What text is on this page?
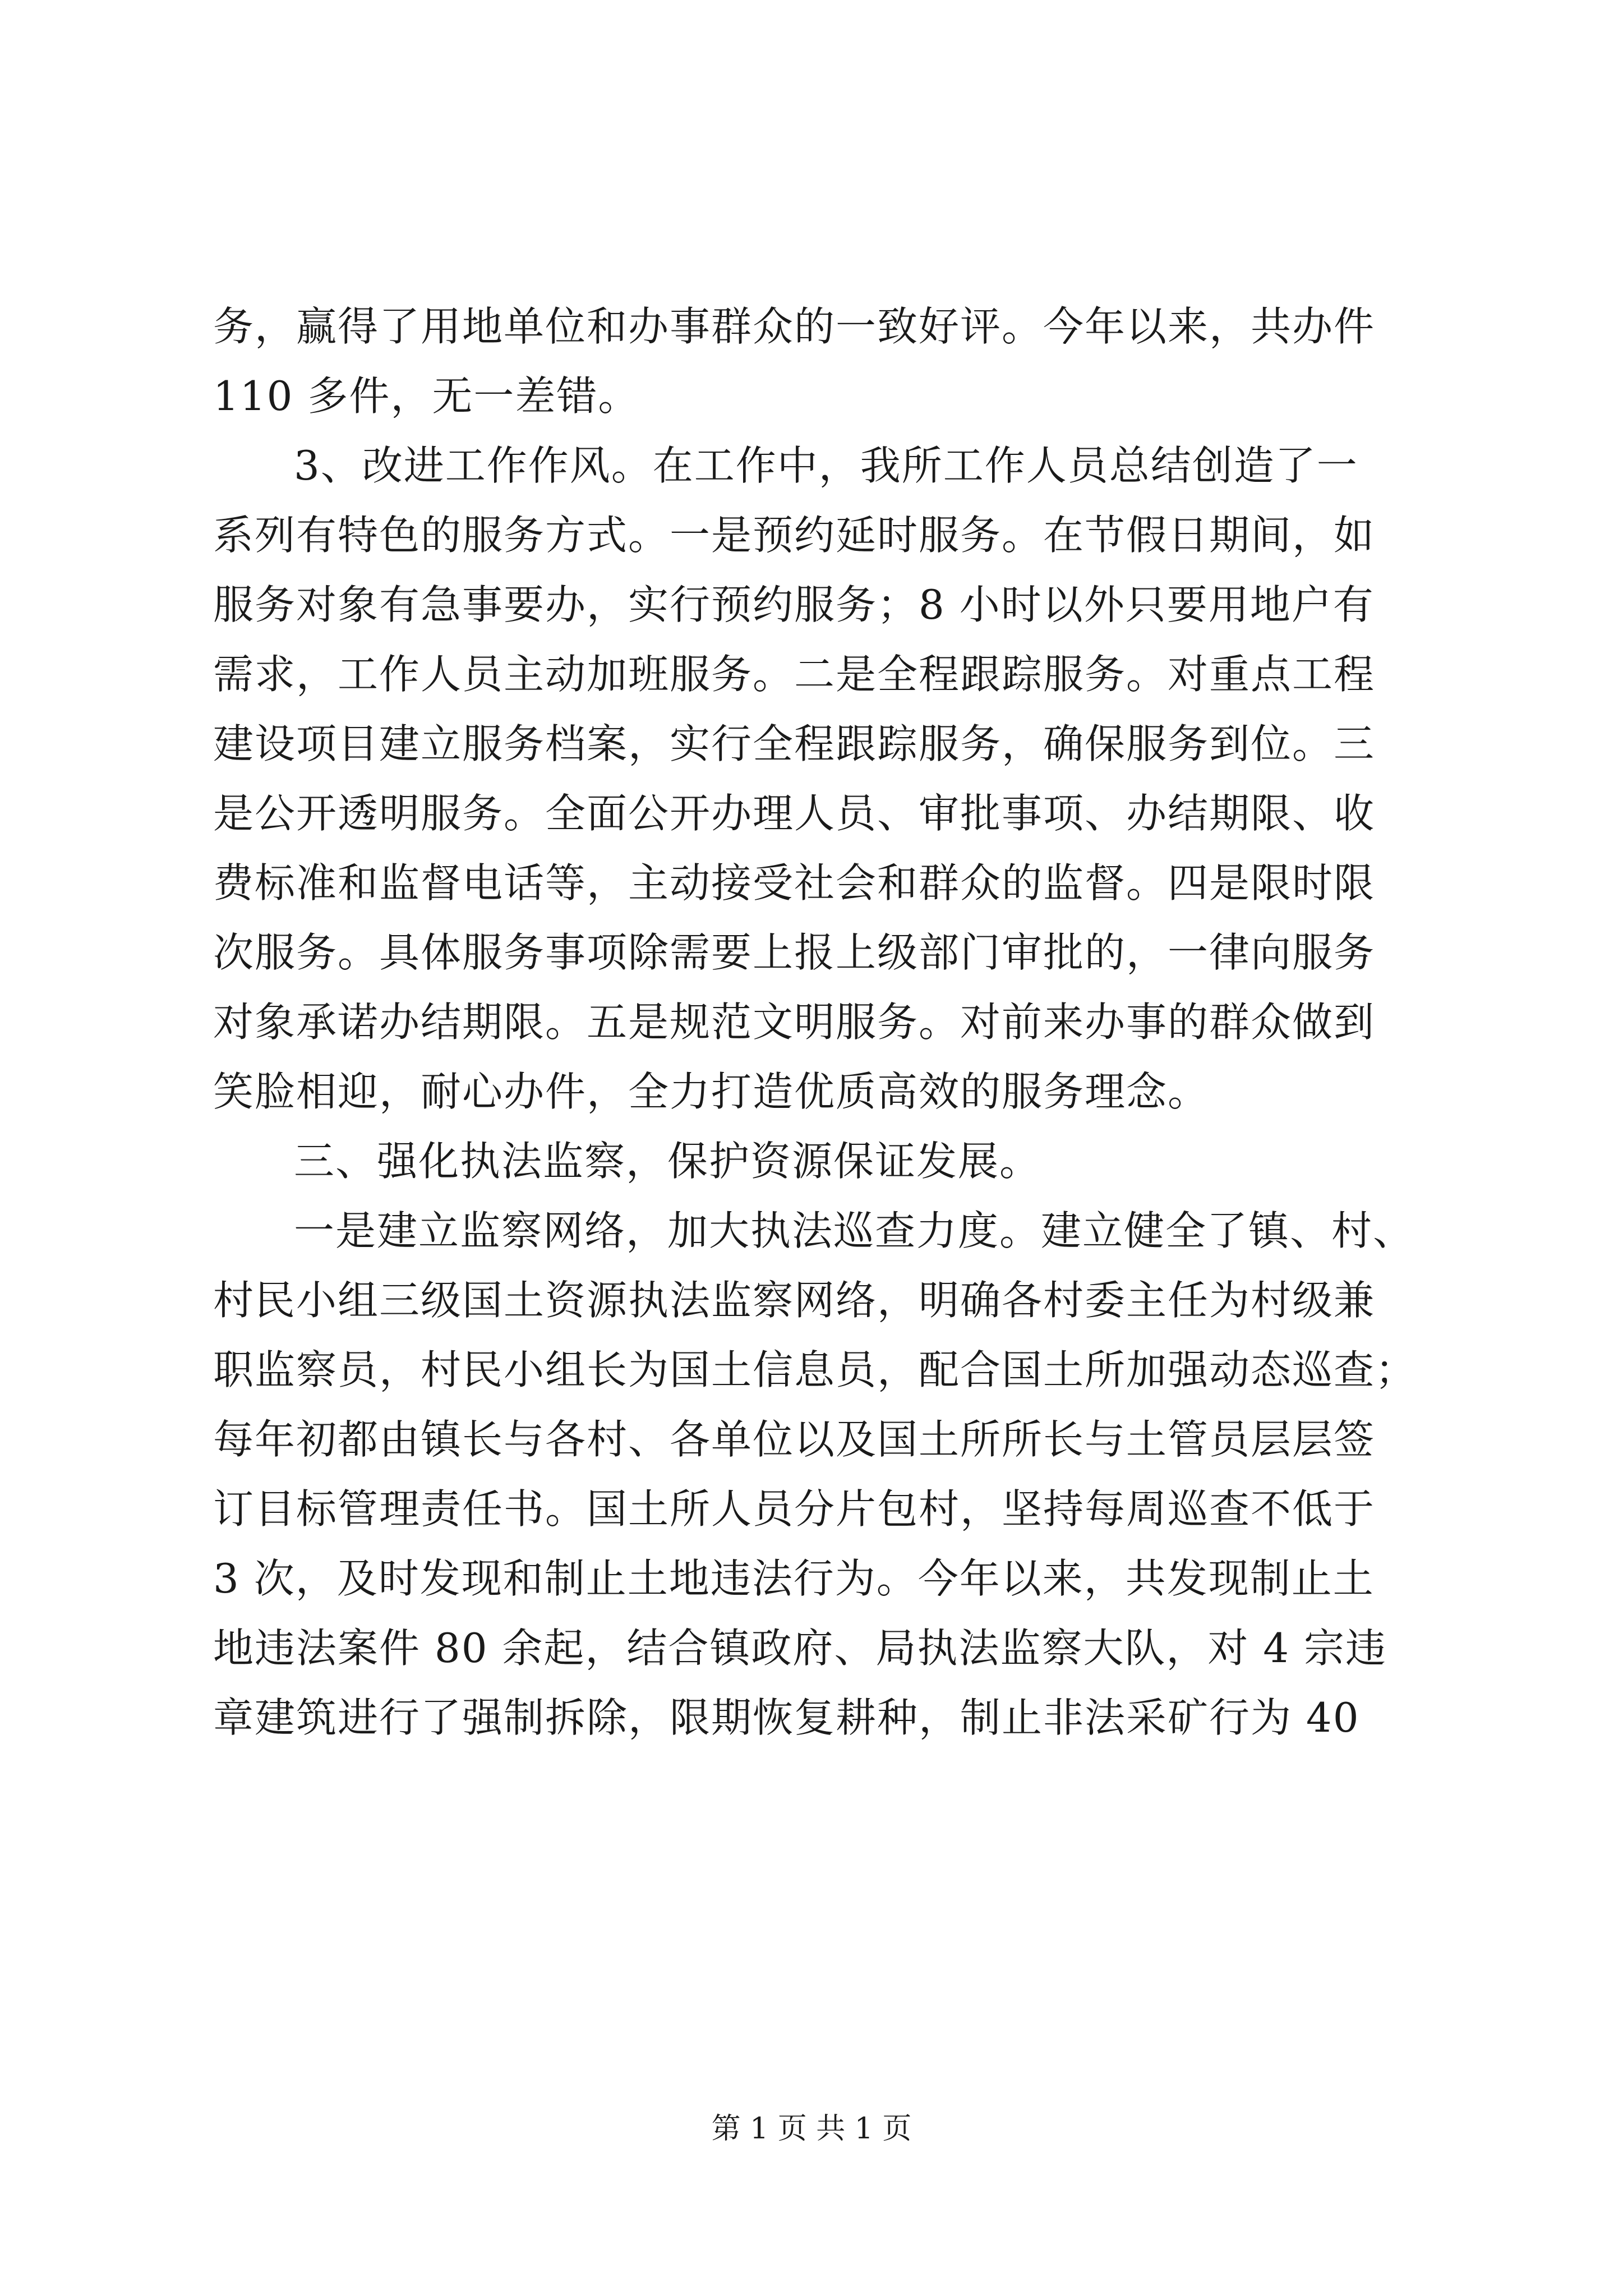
务，赢得了用地单位和办事群众的一致好评。今年以来，共办件
110 多件，无一差错。
3、改进工作作风。在工作中，我所工作人员总结创造了一
系列有特色的服务方式。一是预约延时服务。在节假日期间，如
服务对象有急事要办，实行预约服务；8 小时以外只要用地户有
需求，工作人员主动加班服务。二是全程跟踪服务。对重点工程
建设项目建立服务档案，实行全程跟踪服务，确保服务到位。三
是公开透明服务。全面公开办理人员、审批事项、办结期限、收
费标准和监督电话等，主动接受社会和群众的监督。四是限时限
次服务。具体服务事项除需要上报上级部门审批的，一律向服务
对象承诺办结期限。五是规范文明服务。对前来办事的群众做到
笑脸相迎，耐心办件，全力打造优质高效的服务理念。
三、强化执法监察，保护资源保证发展。
一是建立监察网络，加大执法巡查力度。建立健全了镇、村、
村民小组三级国土资源执法监察网络，明确各村委主任为村级兼
职监察员，村民小组长为国土信息员，配合国土所加强动态巡查；
每年初都由镇长与各村、各单位以及国土所所长与土管员层层签
订目标管理责任书。国土所人员分片包村，坚持每周巡查不低于
3 次，及时发现和制止土地违法行为。今年以来，共发现制止土
地违法案件 80 余起，结合镇政府、局执法监察大队，对 4 宗违
章建筑进行了强制拆除，限期恢复耕种，制止非法采矿行为 40
第 1 页 共 1 页
